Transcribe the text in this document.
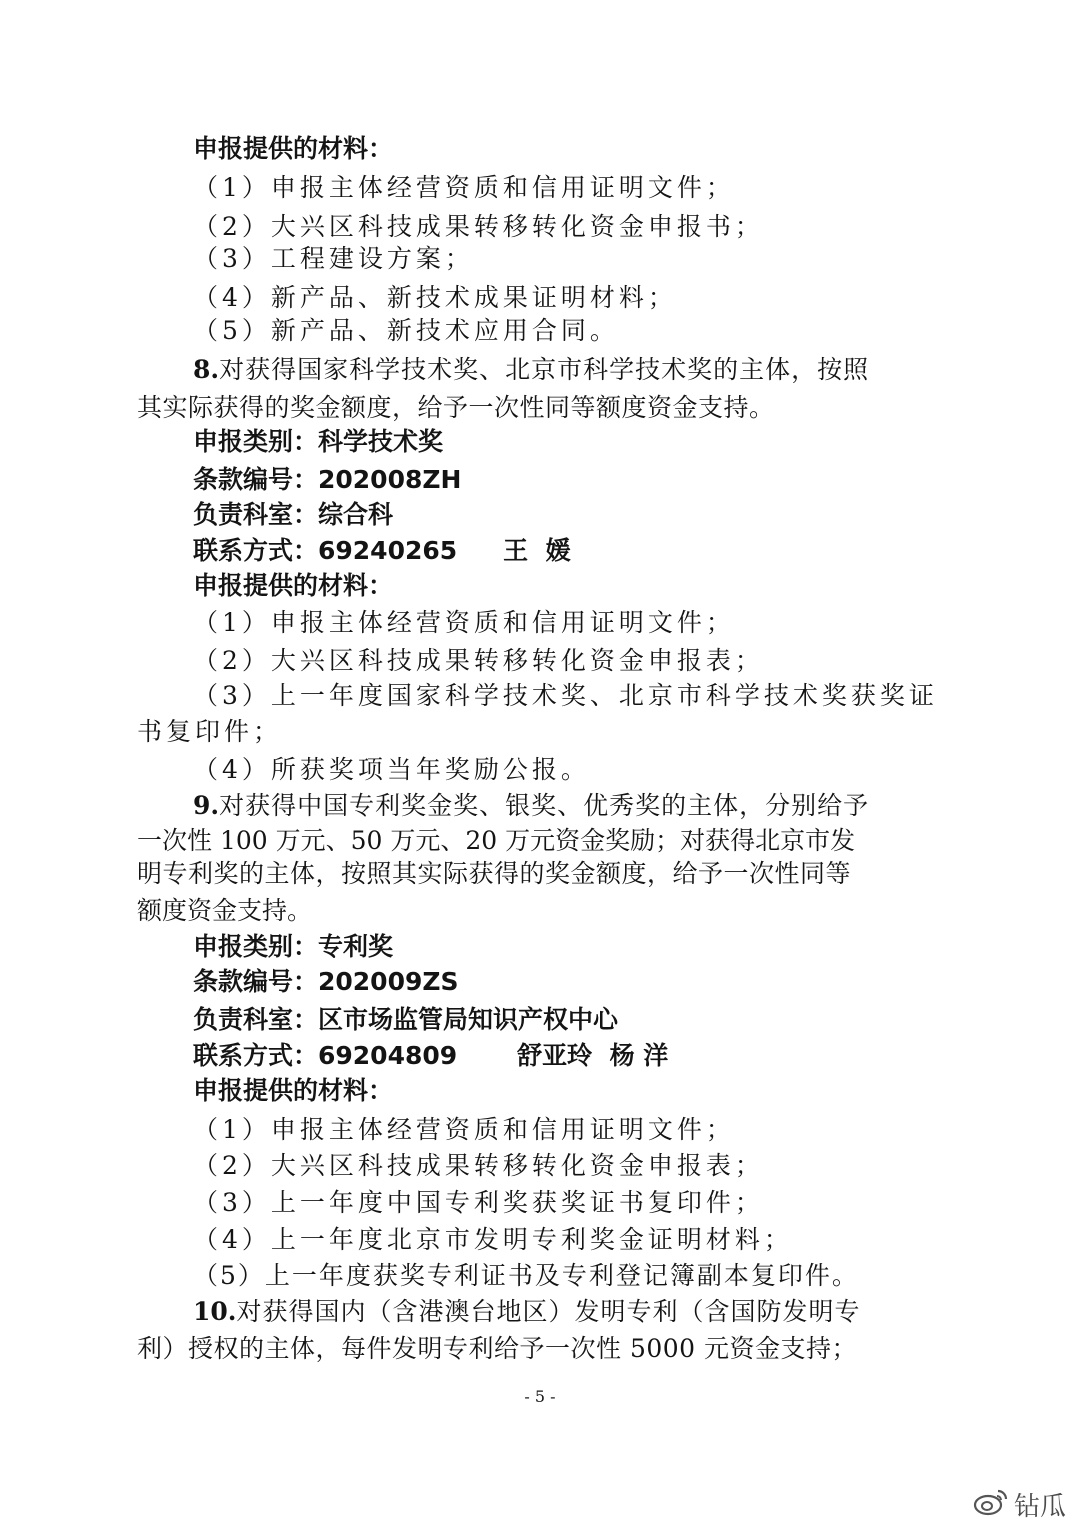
申报提供的材料：
（1）申报主体经营资质和信用证明文件；
（2）大兴区科技成果转移转化资金申报书；
（3）工程建设方案；
（4）新产品、新技术成果证明材料；
（5）新产品、新技术应用合同。
8.对获得国家科学技术奖、北京市科学技术奖的主体，按照
其实际获得的奖金额度，给予一次性同等额度资金支持。
申报类别：科学技术奖
条款编号：202008ZH
负责科室：综合科
联系方式：69240265 王  媛
申报提供的材料：
（1）申报主体经营资质和信用证明文件；
（2）大兴区科技成果转移转化资金申报表；
（3）上一年度国家科学技术奖、北京市科学技术奖获奖证
书复印件；
（4）所获奖项当年奖励公报。
9.对获得中国专利奖金奖、银奖、优秀奖的主体，分别给予
一次性 100 万元、50 万元、20 万元资金奖励；对获得北京市发
明专利奖的主体，按照其实际获得的奖金额度，给予一次性同等
额度资金支持。
申报类别：专利奖
条款编号：202009ZS
负责科室：区市场监管局知识产权中心
联系方式：69204809 舒亚玲  杨 洋
申报提供的材料：
（1）申报主体经营资质和信用证明文件；
（2）大兴区科技成果转移转化资金申报表；
（3）上一年度中国专利奖获奖证书复印件；
（4）上一年度北京市发明专利奖金证明材料；
（5）上一年度获奖专利证书及专利登记簿副本复印件。
10.对获得国内（含港澳台地区）发明专利（含国防发明专
利）授权的主体，每件发明专利给予一次性 5000 元资金支持；
- 5 -
钻瓜
